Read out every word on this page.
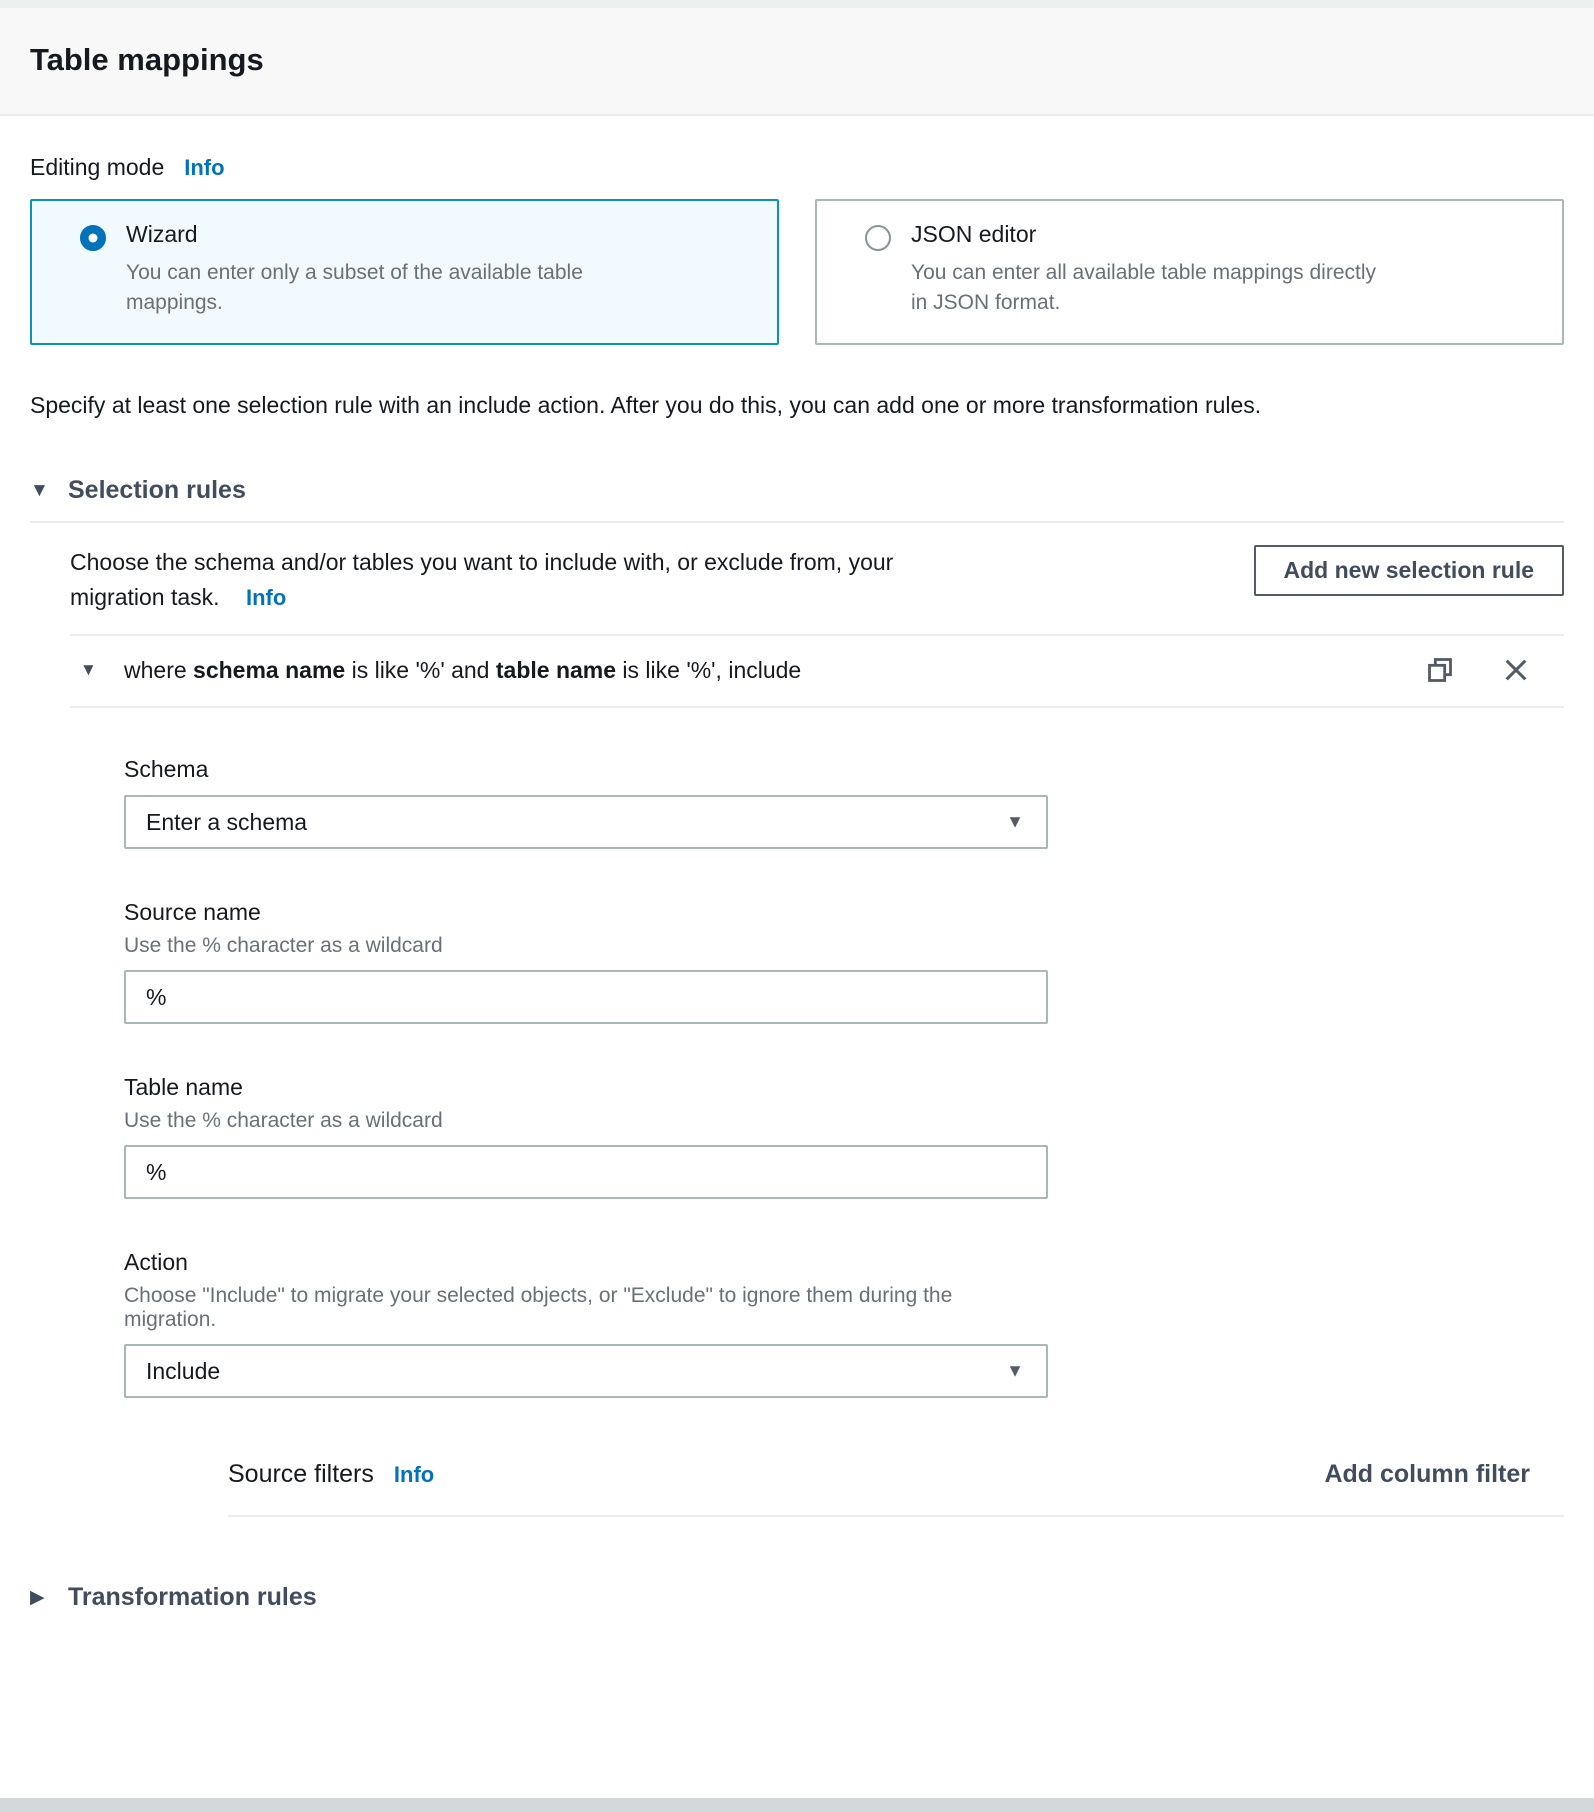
Table mappings
Editing mode Info
Wizard
You can enter only a subset of the available table mappings.
JSON editor
You can enter all available table mappings directly in JSON format.

Specify at least one selection rule with an include action. After you do this, you can add one or more transformation rules.

▼ Selection rules
Choose the schema and/or tables you want to include with, or exclude from, your migration task. Info
Add new selection rule
▼	where schema name is like '%' and table name is like '%', include
Schema
Enter a schema	▼
Source name
Use the % character as a wildcard
%
Table name
Use the % character as a wildcard
%
Action
Choose "Include" to migrate your selected objects, or "Exclude" to ignore them during the migration.
Include	▼
Source filters Info	Add column filter
▶ Transformation rules
